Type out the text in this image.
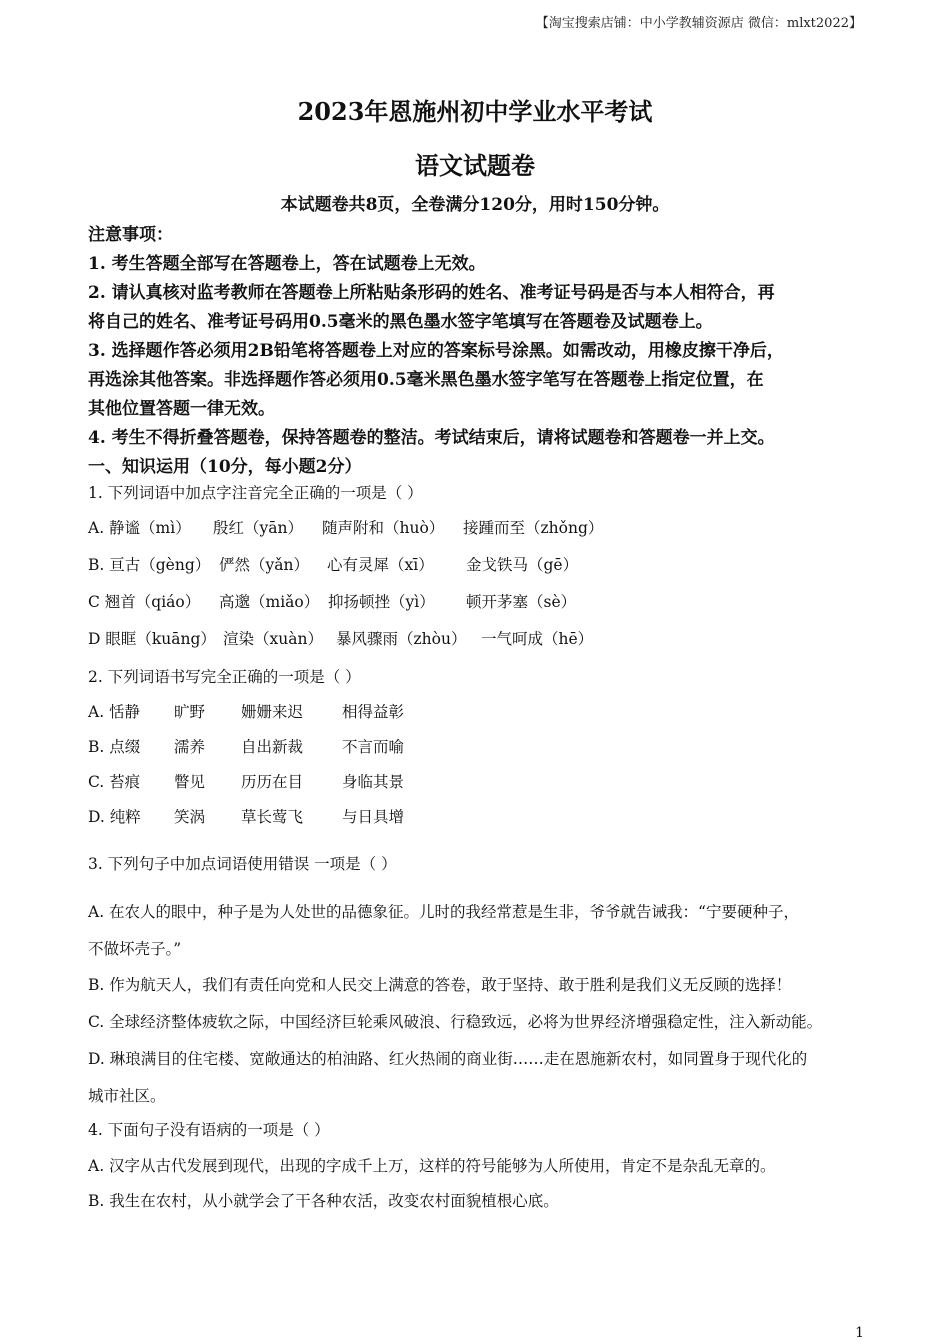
【淘宝搜索店铺：中小学教辅资源店 微信：mlxt2022】
2023年恩施州初中学业水平考试
语文试题卷
本试题卷共8页，全卷满分120分，用时150分钟。
注意事项：
1. 考生答题全部写在答题卷上，答在试题卷上无效。
2. 请认真核对监考教师在答题卷上所粘贴条形码的姓名、准考证号码是否与本人相符合，再
将自己的姓名、准考证号码用0.5毫米的黑色墨水签字笔填写在答题卷及试题卷上。
3. 选择题作答必须用2B铅笔将答题卷上对应的答案标号涂黑。如需改动，用橡皮擦干净后，
再选涂其他答案。非选择题作答必须用0.5毫米黑色墨水签字笔写在答题卷上指定位置，在
其他位置答题一律无效。
4. 考生不得折叠答题卷，保持答题卷的整洁。考试结束后，请将试题卷和答题卷一并上交。
一、知识运用（10分，每小题2分）
1. 下列词语中加点字注音完全正确的一项是（ ）
A. 静谧（mì） 殷红（yān） 随声附和（huò） 接踵而至（zhǒng）
B. 亘古（gèng） 俨然（yǎn） 心有灵犀（xī） 金戈铁马（gē）
C 翘首（qiáo） 高邈（miǎo） 抑扬顿挫（yì） 顿开茅塞（sè）
D 眼眶（kuāng） 渲染（xuàn） 暴风骤雨（zhòu） 一气呵成（hē）
2. 下列词语书写完全正确的一项是（ ）
A. 恬静 旷野 姗姗来迟	相得益彰
B. 点缀 濡养 自出新裁	不言而喻
C. 苔痕 瞥见 历历在目	身临其景
D. 纯粹 笑涡 草长莺飞	与日具增
3. 下列句子中加点词语使用错误 一项是（ ）
A. 在农人的眼中，种子是为人处世的品德象征。儿时的我经常惹是生非，爷爷就告诫我：“宁要硬种子，
不做坏壳子。”
B. 作为航天人，我们有责任向党和人民交上满意的答卷，敢于坚持、敢于胜利是我们义无反顾的选择！
C. 全球经济整体疲软之际，中国经济巨轮乘风破浪、行稳致远，必将为世界经济增强稳定性，注入新动能。
D. 琳琅满目的住宅楼、宽敞通达的柏油路、红火热闹的商业街……走在恩施新农村，如同置身于现代化的
城市社区。
4. 下面句子没有语病的一项是（ ）
A. 汉字从古代发展到现代，出现的字成千上万，这样的符号能够为人所使用，肯定不是杂乱无章的。
B. 我生在农村，从小就学会了干各种农活，改变农村面貌植根心底。
1
